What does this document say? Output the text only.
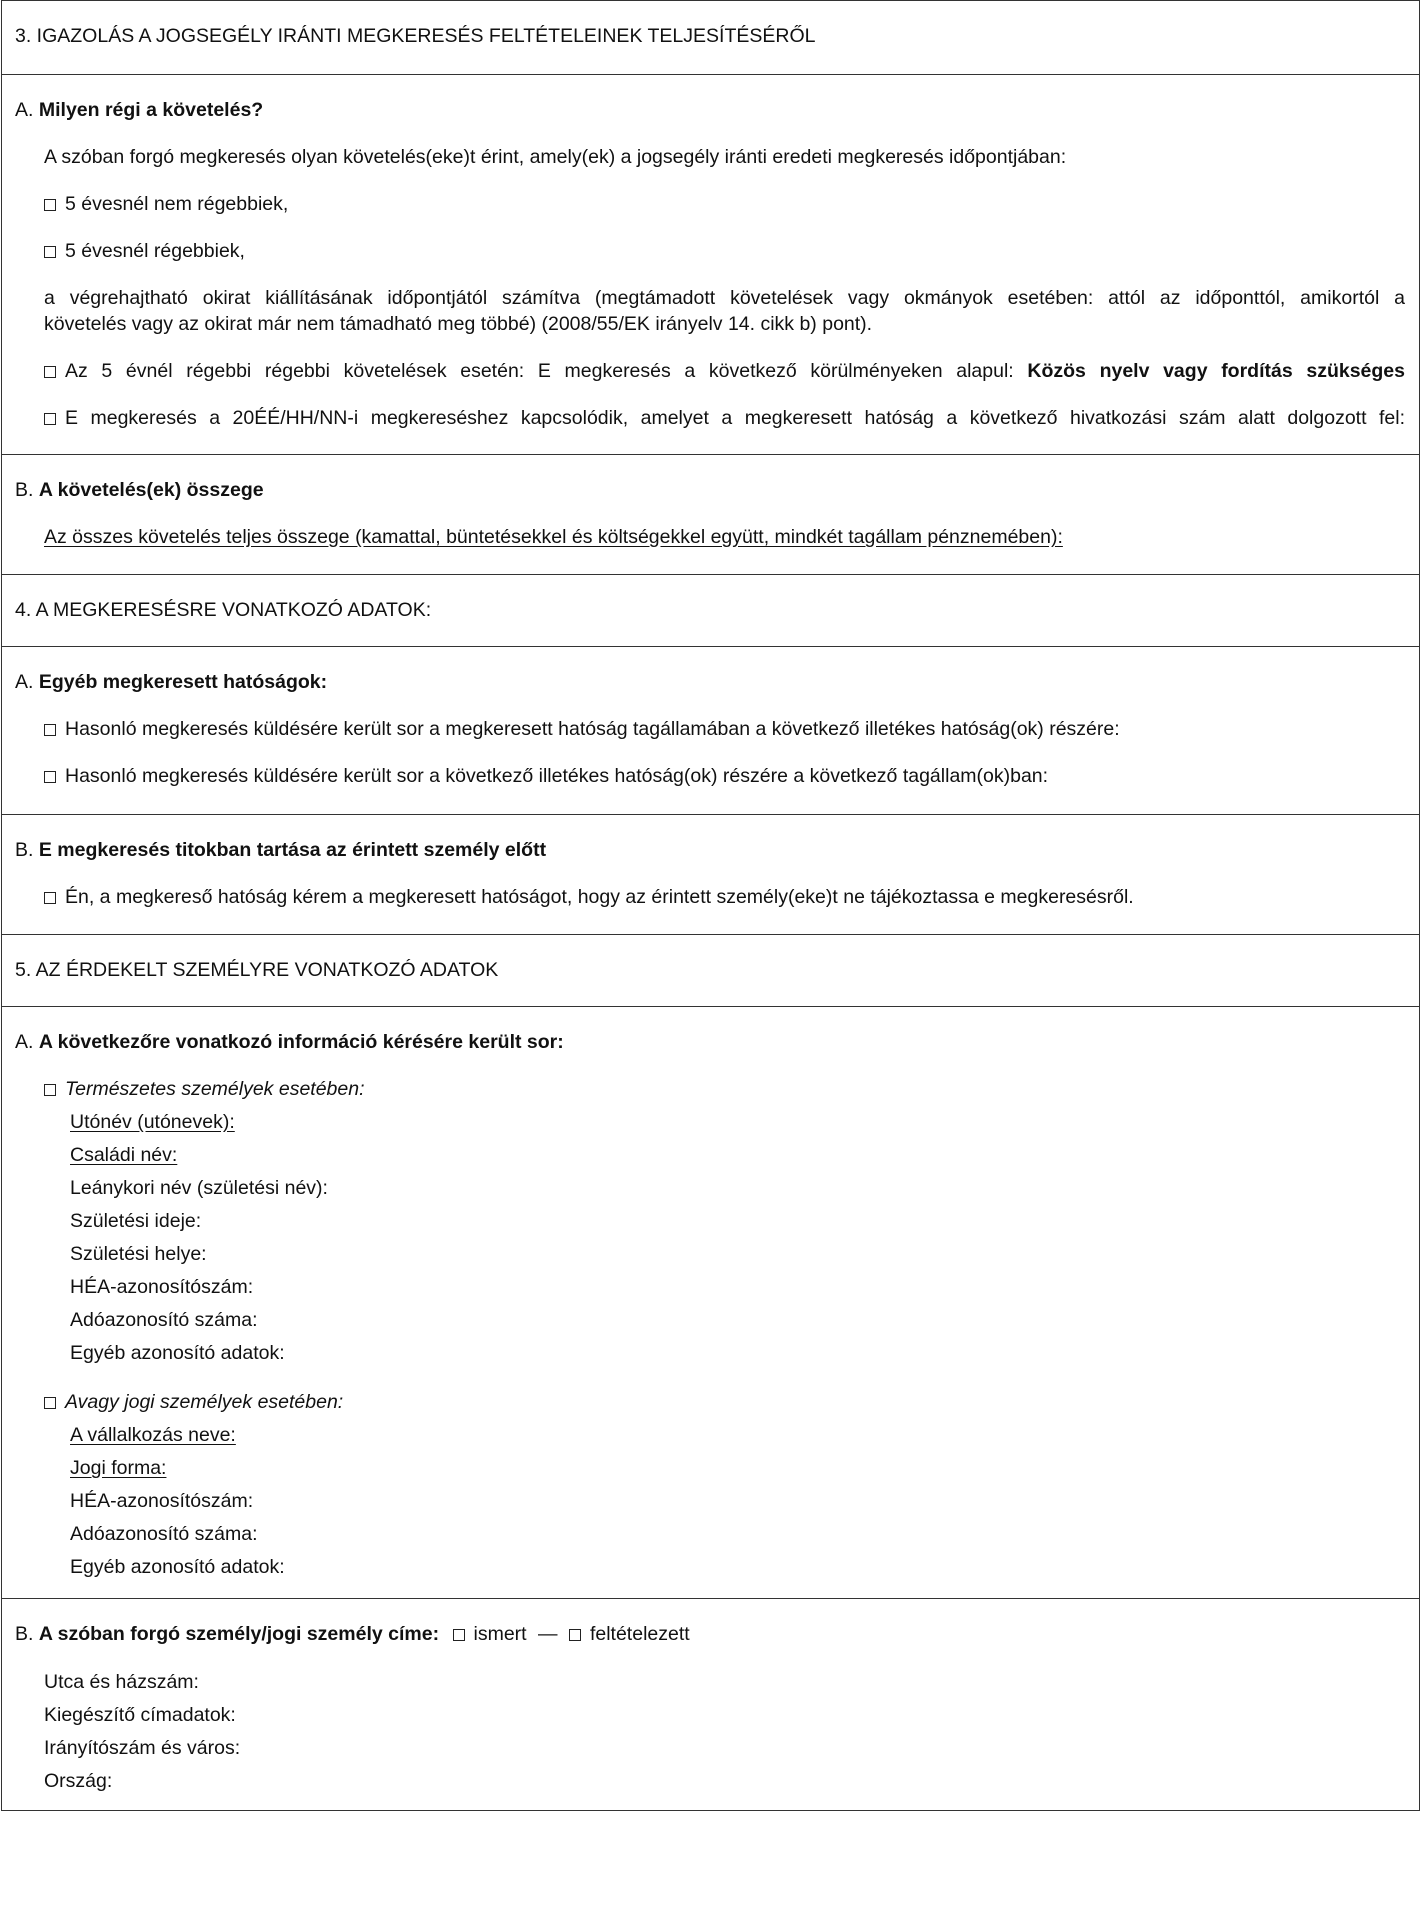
3. IGAZOLÁS A JOGSEGÉLY IRÁNTI MEGKERESÉS FELTÉTELEINEK TELJESÍTÉSÉRŐL
A. Milyen régi a követelés?
A szóban forgó megkeresés olyan követelés(eke)t érint, amely(ek) a jogsegély iránti eredeti megkeresés időpontjában:
5 évesnél nem régebbiek,
5 évesnél régebbiek,
a végrehajtható okirat kiállításának időpontjától számítva (megtámadott követelések vagy okmányok esetében: attól az időponttól, amikortól a
követelés vagy az okirat már nem támadható meg többé) (2008/55/EK irányelv 14. cikk b) pont).
Az 5 évnél régebbi régebbi követelések esetén: E megkeresés a következő körülményeken alapul: Közös nyelv vagy fordítás szükséges
E megkeresés a 20ÉÉ/HH/NN-i megkereséshez kapcsolódik, amelyet a megkeresett hatóság a következő hivatkozási szám alatt dolgozott fel:
B. A követelés(ek) összege
Az összes követelés teljes összege (kamattal, büntetésekkel és költségekkel együtt, mindkét tagállam pénznemében):
4. A MEGKERESÉSRE VONATKOZÓ ADATOK:
A. Egyéb megkeresett hatóságok:
Hasonló megkeresés küldésére került sor a megkeresett hatóság tagállamában a következő illetékes hatóság(ok) részére:
Hasonló megkeresés küldésére került sor a következő illetékes hatóság(ok) részére a következő tagállam(ok)ban:
B. E megkeresés titokban tartása az érintett személy előtt
Én, a megkereső hatóság kérem a megkeresett hatóságot, hogy az érintett személy(eke)t ne tájékoztassa e megkeresésről.
5. AZ ÉRDEKELT SZEMÉLYRE VONATKOZÓ ADATOK
A. A következőre vonatkozó információ kérésére került sor:
Természetes személyek esetében:
Utónév (utónevek):
Családi név:
Leánykori név (születési név):
Születési ideje:
Születési helye:
HÉA-azonosítószám:
Adóazonosító száma:
Egyéb azonosító adatok:
Avagy jogi személyek esetében:
A vállalkozás neve:
Jogi forma:
HÉA-azonosítószám:
Adóazonosító száma:
Egyéb azonosító adatok:
B. A szóban forgó személy/jogi személy címe: ismert — feltételezett
Utca és házszám:
Kiegészítő címadatok:
Irányítószám és város:
Ország:
